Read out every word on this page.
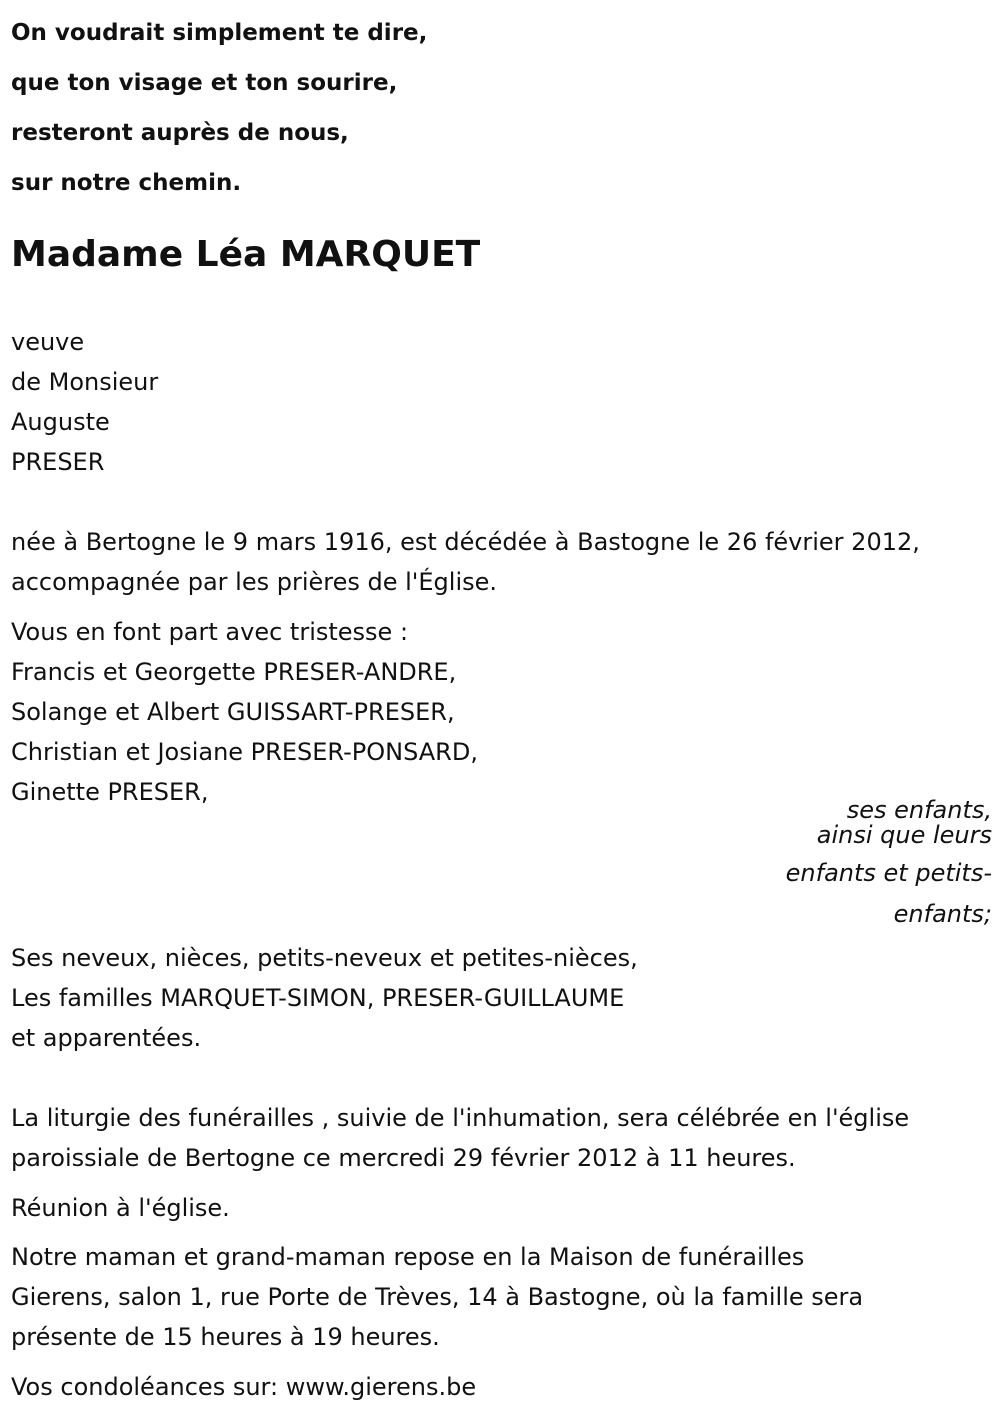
On voudrait simplement te dire,
que ton visage et ton sourire,
resteront auprès de nous,
sur notre chemin.
Madame Léa MARQUET
veuve
de Monsieur
Auguste
PRESER
née à Bertogne le 9 mars 1916, est décédée à Bastogne le 26 février 2012,
accompagnée par les prières de l'Église.
Vous en font part avec tristesse :
Francis et Georgette PRESER-ANDRE,
Solange et Albert GUISSART-PRESER,
Christian et Josiane PRESER-PONSARD,
Ginette PRESER,
ses enfants,
ainsi que leurs
enfants et petits-
enfants;
Ses neveux, nièces, petits-neveux et petites-nièces,
Les familles MARQUET-SIMON, PRESER-GUILLAUME
et apparentées.
La liturgie des funérailles , suivie de l'inhumation, sera célébrée en l'église
paroissiale de Bertogne ce mercredi 29 février 2012 à 11 heures.
Réunion à l'église.
Notre maman et grand-maman repose en la Maison de funérailles
Gierens, salon 1, rue Porte de Trèves, 14 à Bastogne, où la famille sera
présente de 15 heures à 19 heures.
Vos condoléances sur: www.gierens.be
